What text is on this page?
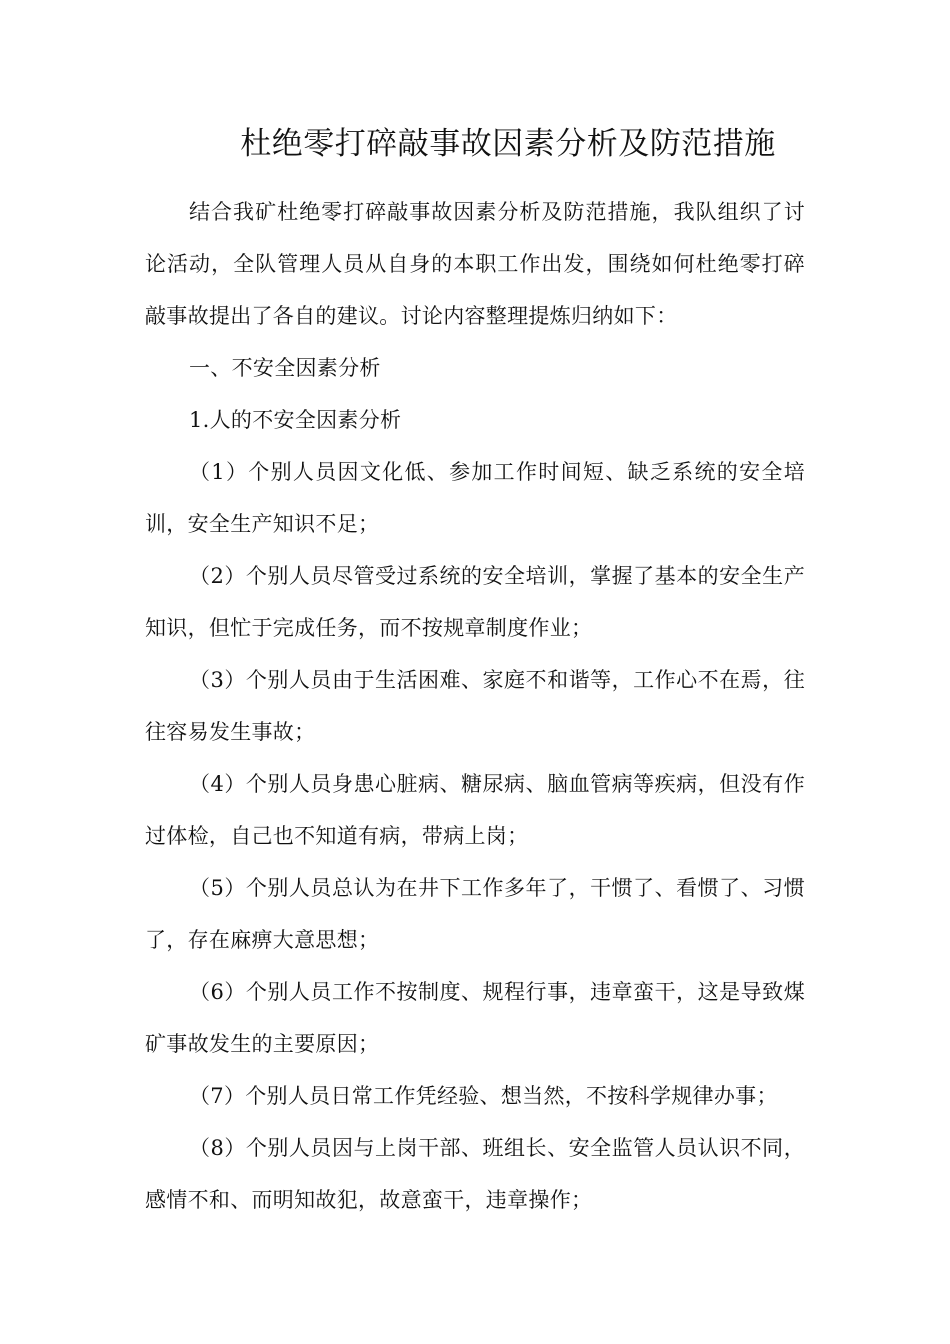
杜绝零打碎敲事故因素分析及防范措施

结合我矿杜绝零打碎敲事故因素分析及防范措施，我队组织了讨论活动，全队管理人员从自身的本职工作出发，围绕如何杜绝零打碎敲事故提出了各自的建议。讨论内容整理提炼归纳如下：

一、不安全因素分析

1.人的不安全因素分析

（1）个别人员因文化低、参加工作时间短、缺乏系统的安全培训，安全生产知识不足；

（2）个别人员尽管受过系统的安全培训，掌握了基本的安全生产知识，但忙于完成任务，而不按规章制度作业；

（3）个别人员由于生活困难、家庭不和谐等，工作心不在焉，往往容易发生事故；

（4）个别人员身患心脏病、糖尿病、脑血管病等疾病，但没有作过体检，自己也不知道有病，带病上岗；

（5）个别人员总认为在井下工作多年了，干惯了、看惯了、习惯了，存在麻痹大意思想；

（6）个别人员工作不按制度、规程行事，违章蛮干，这是导致煤矿事故发生的主要原因；

（7）个别人员日常工作凭经验、想当然，不按科学规律办事；

（8）个别人员因与上岗干部、班组长、安全监管人员认识不同，感情不和、而明知故犯，故意蛮干，违章操作；
